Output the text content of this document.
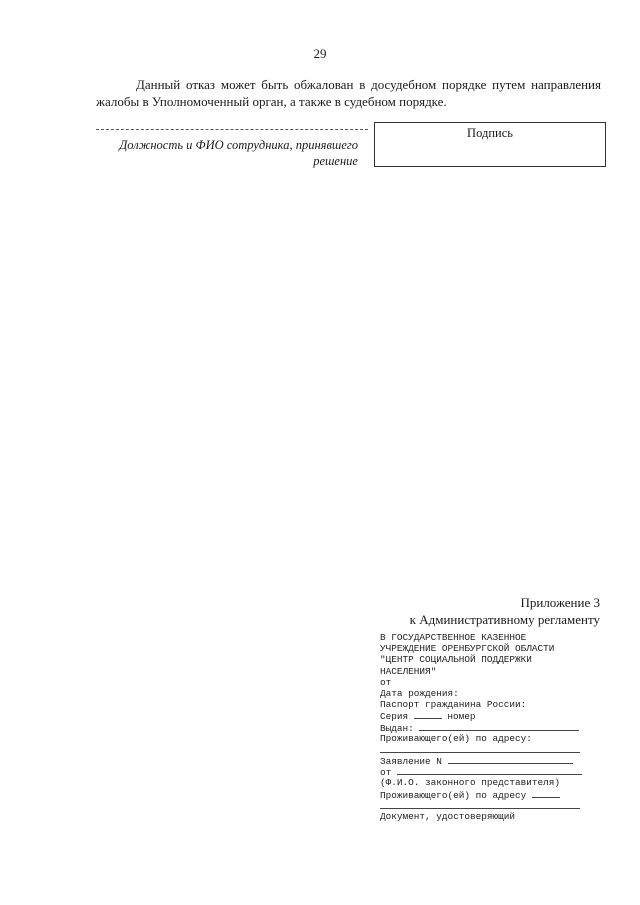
29
Данный отказ может быть обжалован в досудебном порядке путем направления жалобы в Уполномоченный орган, а также в судебном порядке.
Должность и ФИО сотрудника, принявшего решение
Подпись
Приложение 3
к Административному регламенту
В ГОСУДАРСТВЕННОЕ КАЗЕННОЕ
УЧРЕЖДЕНИЕ ОРЕНБУРГСКОЙ ОБЛАСТИ
"ЦЕНТР СОЦИАЛЬНОЙ ПОДДЕРЖКИ
НАСЕЛЕНИЯ"
от
Дата рождения:
Паспорт гражданина России:
Серия	номер
Выдан:
Проживающего(ей) по адресу:
Заявление N
от
(Ф.И.О. законного представителя)
Проживающего(ей) по адресу
Документ, удостоверяющий
